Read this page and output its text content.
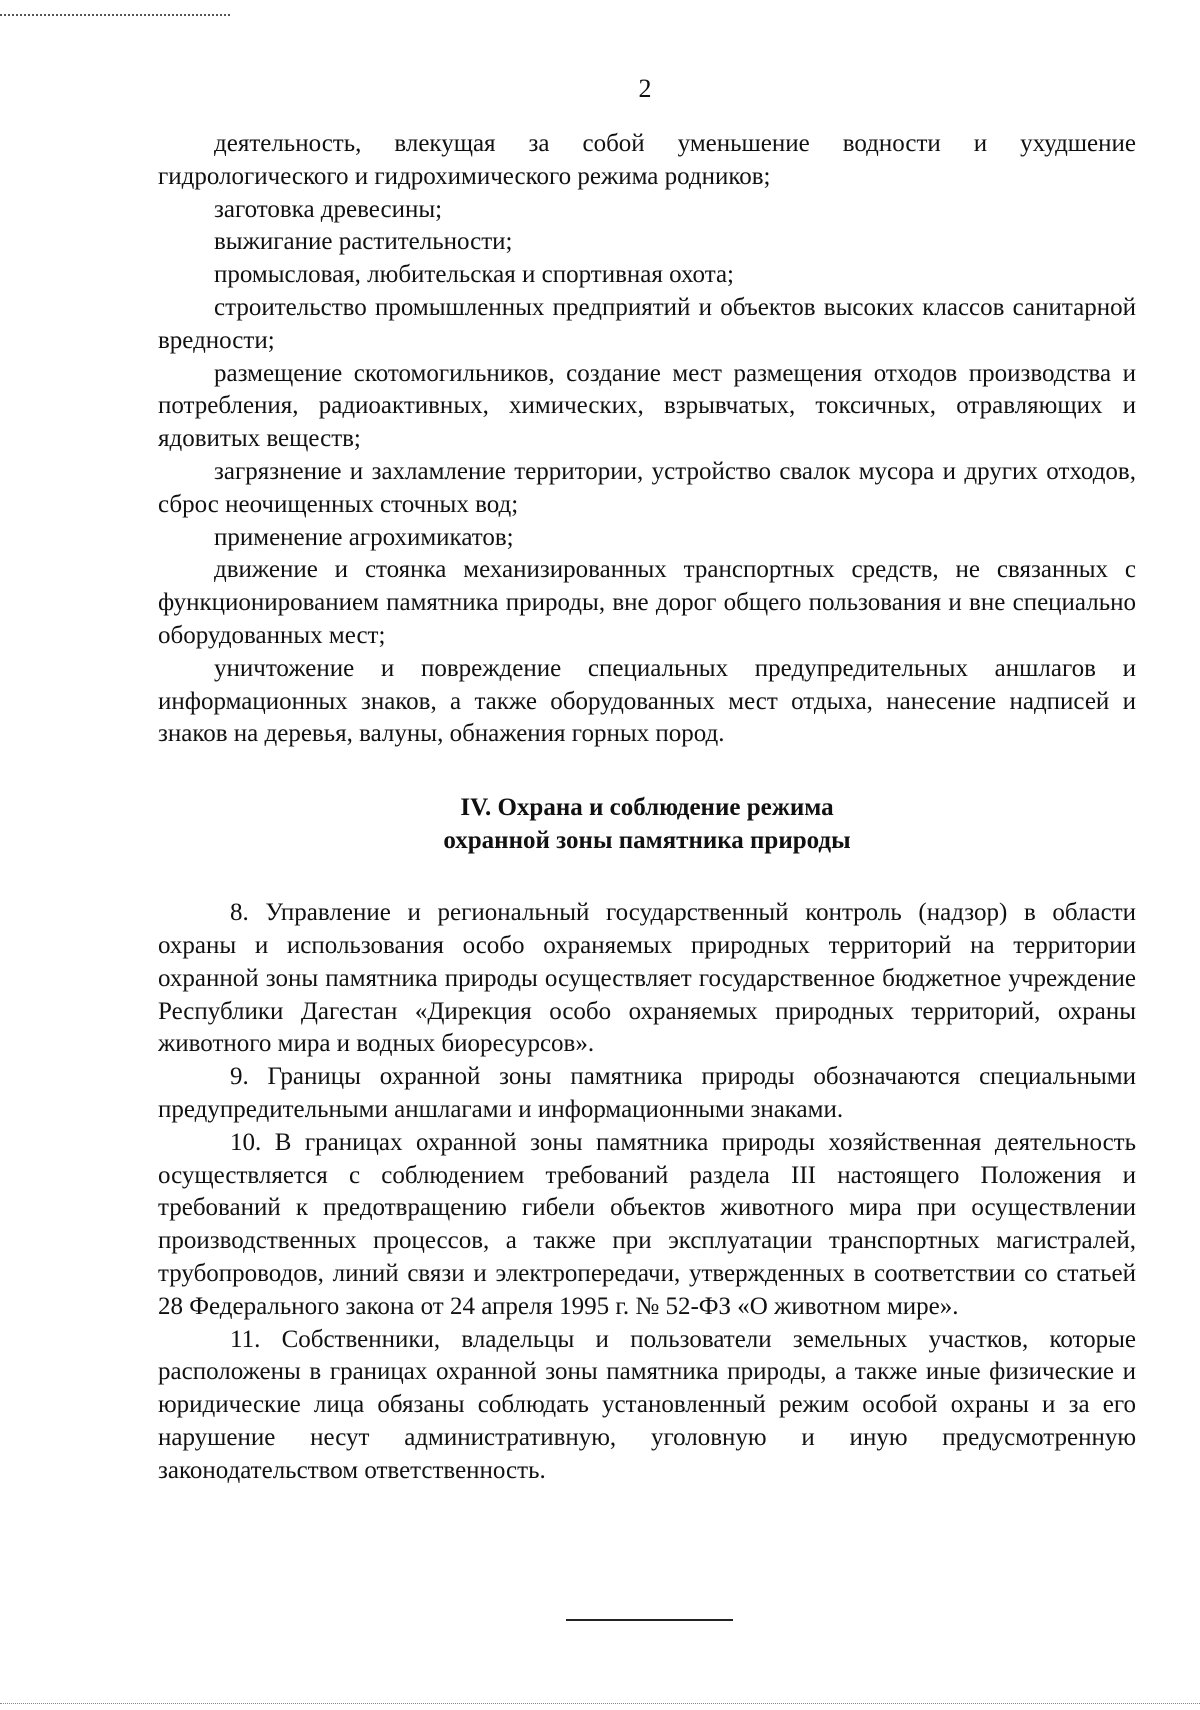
2

деятельность, влекущая за собой уменьшение водности и ухудшение гидрологического и гидрохимического режима родников;

заготовка древесины;

выжигание растительности;

промысловая, любительская и спортивная охота;

строительство промышленных предприятий и объектов высоких классов санитарной вредности;

размещение скотомогильников, создание мест размещения отходов производства и потребления, радиоактивных, химических, взрывчатых, токсичных, отравляющих и ядовитых веществ;

загрязнение и захламление территории, устройство свалок мусора и других отходов, сброс неочищенных сточных вод;

применение агрохимикатов;

движение и стоянка механизированных транспортных средств, не связанных с функционированием памятника природы, вне дорог общего пользования и вне специально оборудованных мест;

уничтожение и повреждение специальных предупредительных аншлагов и информационных знаков, а также оборудованных мест отдыха, нанесение надписей и знаков на деревья, валуны, обнажения горных пород.

IV. Охрана и соблюдение режима
охранной зоны памятника природы

8. Управление и региональный государственный контроль (надзор) в области охраны и использования особо охраняемых природных территорий на территории охранной зоны памятника природы осуществляет государственное бюджетное учреждение Республики Дагестан «Дирекция особо охраняемых природных территорий, охраны животного мира и водных биоресурсов».

9. Границы охранной зоны памятника природы обозначаются специальными предупредительными аншлагами и информационными знаками.

10. В границах охранной зоны памятника природы хозяйственная деятельность осуществляется с соблюдением требований раздела III настоящего Положения и требований к предотвращению гибели объектов животного мира при осуществлении производственных процессов, а также при эксплуатации транспортных магистралей, трубопроводов, линий связи и электропередачи, утвержденных в соответствии со статьей 28 Федерального закона от 24 апреля 1995 г. № 52-ФЗ «О животном мире».

11. Собственники, владельцы и пользователи земельных участков, которые расположены в границах охранной зоны памятника природы, а также иные физические и юридические лица обязаны соблюдать установленный режим особой охраны и за его нарушение несут административную, уголовную и иную предусмотренную законодательством ответственность.
